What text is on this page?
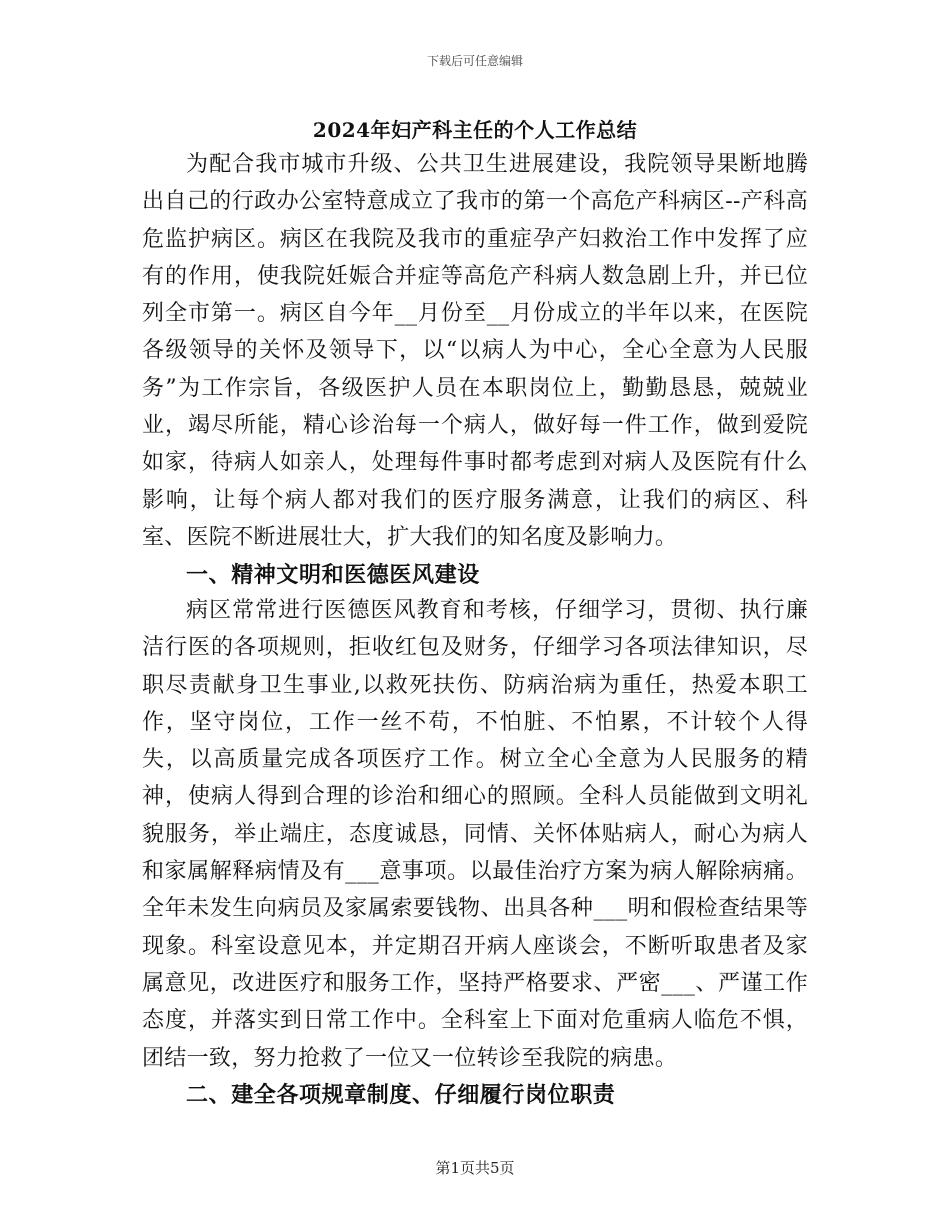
下载后可任意编辑
2024年妇产科主任的个人工作总结

为配合我市城市升级、公共卫生进展建设，我院领导果断地腾出自己的行政办公室特意成立了我市的第一个高危产科病区--产科高危监护病区。病区在我院及我市的重症孕产妇救治工作中发挥了应有的作用，使我院妊娠合并症等高危产科病人数急剧上升，并已位列全市第一。病区自今年__月份至__月份成立的半年以来，在医院各级领导的关怀及领导下，以“以病人为中心，全心全意为人民服务”为工作宗旨，各级医护人员在本职岗位上，勤勤恳恳，兢兢业业，竭尽所能，精心诊治每一个病人，做好每一件工作，做到爱院如家，待病人如亲人，处理每件事时都考虑到对病人及医院有什么影响，让每个病人都对我们的医疗服务满意，让我们的病区、科室、医院不断进展壮大，扩大我们的知名度及影响力。

一、精神文明和医德医风建设

病区常常进行医德医风教育和考核，仔细学习，贯彻、执行廉洁行医的各项规则，拒收红包及财务，仔细学习各项法律知识，尽职尽责献身卫生事业,以救死扶伤、防病治病为重任，热爱本职工作，坚守岗位，工作一丝不苟，不怕脏、不怕累，不计较个人得失，以高质量完成各项医疗工作。树立全心全意为人民服务的精神，使病人得到合理的诊治和细心的照顾。全科人员能做到文明礼貌服务，举止端庄，态度诚恳，同情、关怀体贴病人，耐心为病人和家属解释病情及有___意事项。以最佳治疗方案为病人解除病痛。全年未发生向病员及家属索要钱物、出具各种___明和假检查结果等现象。科室设意见本，并定期召开病人座谈会，不断听取患者及家属意见，改进医疗和服务工作，坚持严格要求、严密___、严谨工作态度，并落实到日常工作中。全科室上下面对危重病人临危不惧，团结一致，努力抢救了一位又一位转诊至我院的病患。

二、建全各项规章制度、仔细履行岗位职责
第1页共5页
